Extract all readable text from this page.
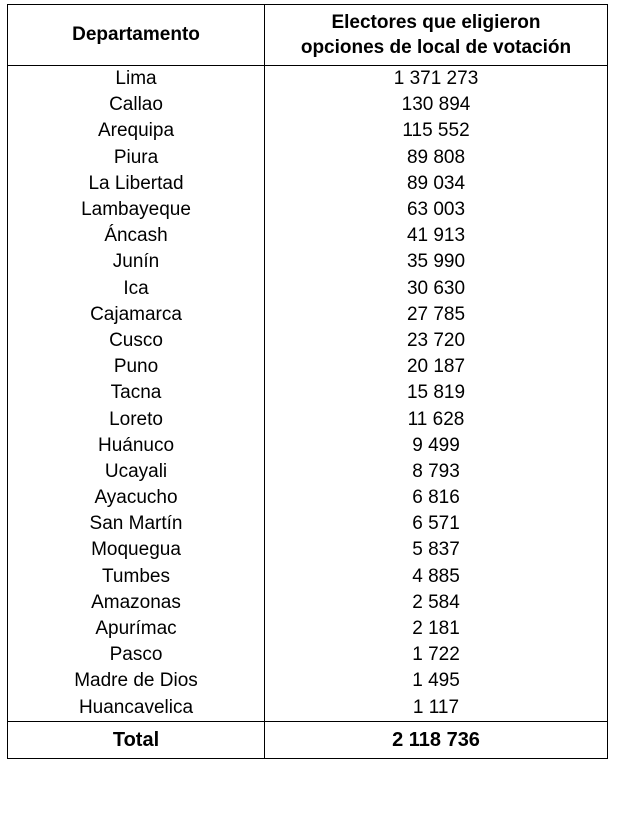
Departamento	Electores que eligieron
opciones de local de votación
Lima	1 371 273
Callao	130 894
Arequipa	115 552
Piura	89 808
La Libertad	89 034
Lambayeque	63 003
Áncash	41 913
Junín	35 990
Ica	30 630
Cajamarca	27 785
Cusco	23 720
Puno	20 187
Tacna	15 819
Loreto	11 628
Huánuco	9 499
Ucayali	8 793
Ayacucho	6 816
San Martín	6 571
Moquegua	5 837
Tumbes	4 885
Amazonas	2 584
Apurímac	2 181
Pasco	1 722
Madre de Dios	1 495
Huancavelica	1 117
Total	2 118 736
